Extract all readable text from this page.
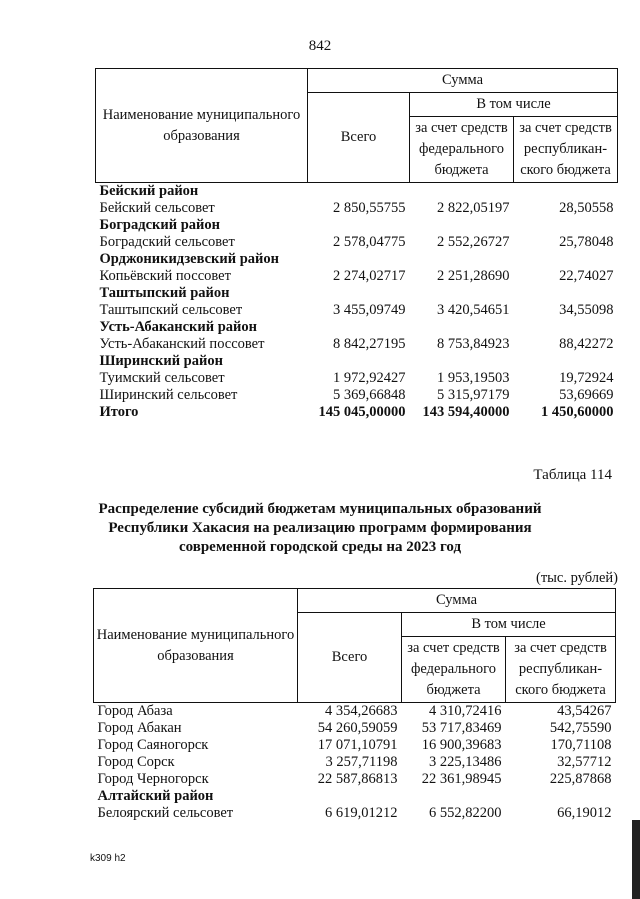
842
Наименование муниципального образования	Сумма		
	Всего	В том числе	
		за счет средств федерального бюджета	за счет средств республикан-ского бюджета
Бейский район			
Бейский сельсовет	2 850,55755	2 822,05197	28,50558
Боградский район			
Боградский сельсовет	2 578,04775	2 552,26727	25,78048
Орджоникидзевский район			
Копьёвский поссовет	2 274,02717	2 251,28690	22,74027
Таштыпский район			
Таштыпский сельсовет	3 455,09749	3 420,54651	34,55098
Усть-Абаканский район			
Усть-Абаканский поссовет	8 842,27195	8 753,84923	88,42272
Ширинский район			
Туимский сельсовет	1 972,92427	1 953,19503	19,72924
Ширинский сельсовет	5 369,66848	5 315,97179	53,69669
Итого	145 045,00000	143 594,40000	1 450,60000
Таблица 114
Распределение субсидий бюджетам муниципальных образований
Республики Хакасия на реализацию программ формирования
современной городской среды на 2023 год
(тыс. рублей)
Наименование муниципального образования	Сумма		
	Всего	В том числе	
		за счет средств федерального бюджета	за счет средств республикан-ского бюджета
Город Абаза	4 354,26683	4 310,72416	43,54267
Город Абакан	54 260,59059	53 717,83469	542,75590
Город Саяногорск	17 071,10791	16 900,39683	170,71108
Город Сорск	3 257,71198	3 225,13486	32,57712
Город Черногорск	22 587,86813	22 361,98945	225,87868
Алтайский район			
Белоярский сельсовет	6 619,01212	6 552,82200	66,19012
k309 h2
